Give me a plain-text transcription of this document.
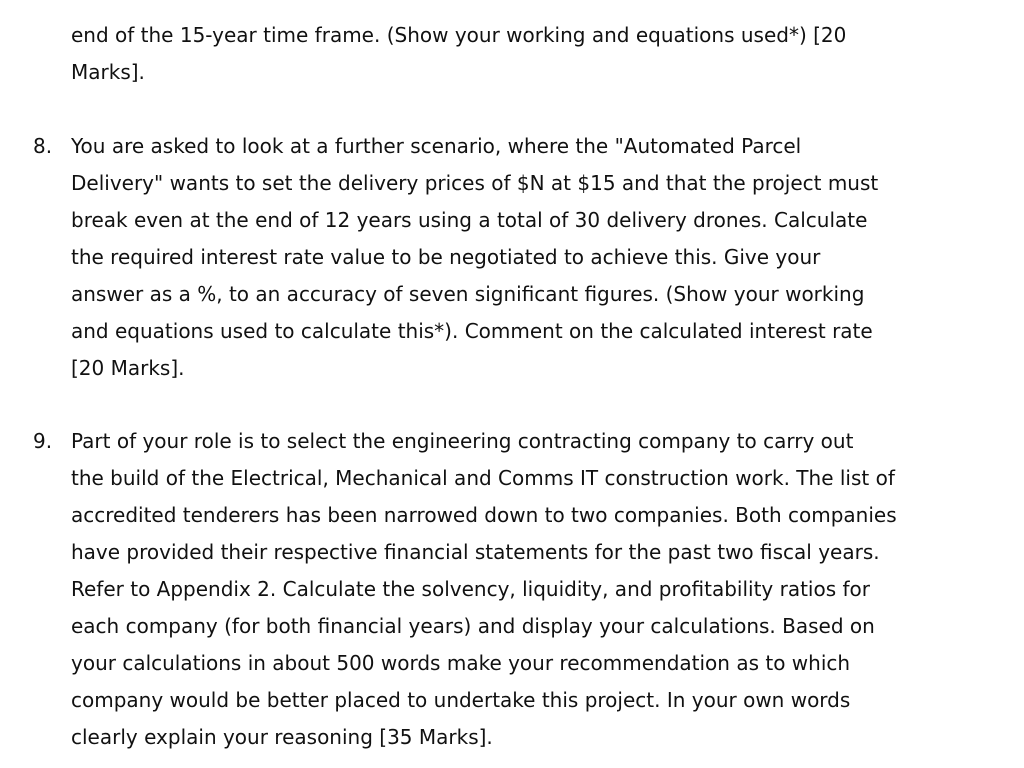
end of the 15-year time frame. (Show your working and equations used*) [20
Marks].
8. You are asked to look at a further scenario, where the "Automated Parcel
Delivery" wants to set the delivery prices of $N at $15 and that the project must
break even at the end of 12 years using a total of 30 delivery drones. Calculate
the required interest rate value to be negotiated to achieve this. Give your
answer as a %, to an accuracy of seven significant figures. (Show your working
and equations used to calculate this*). Comment on the calculated interest rate
[20 Marks].
9. Part of your role is to select the engineering contracting company to carry out
the build of the Electrical, Mechanical and Comms IT construction work. The list of
accredited tenderers has been narrowed down to two companies. Both companies
have provided their respective financial statements for the past two fiscal years.
Refer to Appendix 2. Calculate the solvency, liquidity, and profitability ratios for
each company (for both financial years) and display your calculations. Based on
your calculations in about 500 words make your recommendation as to which
company would be better placed to undertake this project. In your own words
clearly explain your reasoning [35 Marks].
